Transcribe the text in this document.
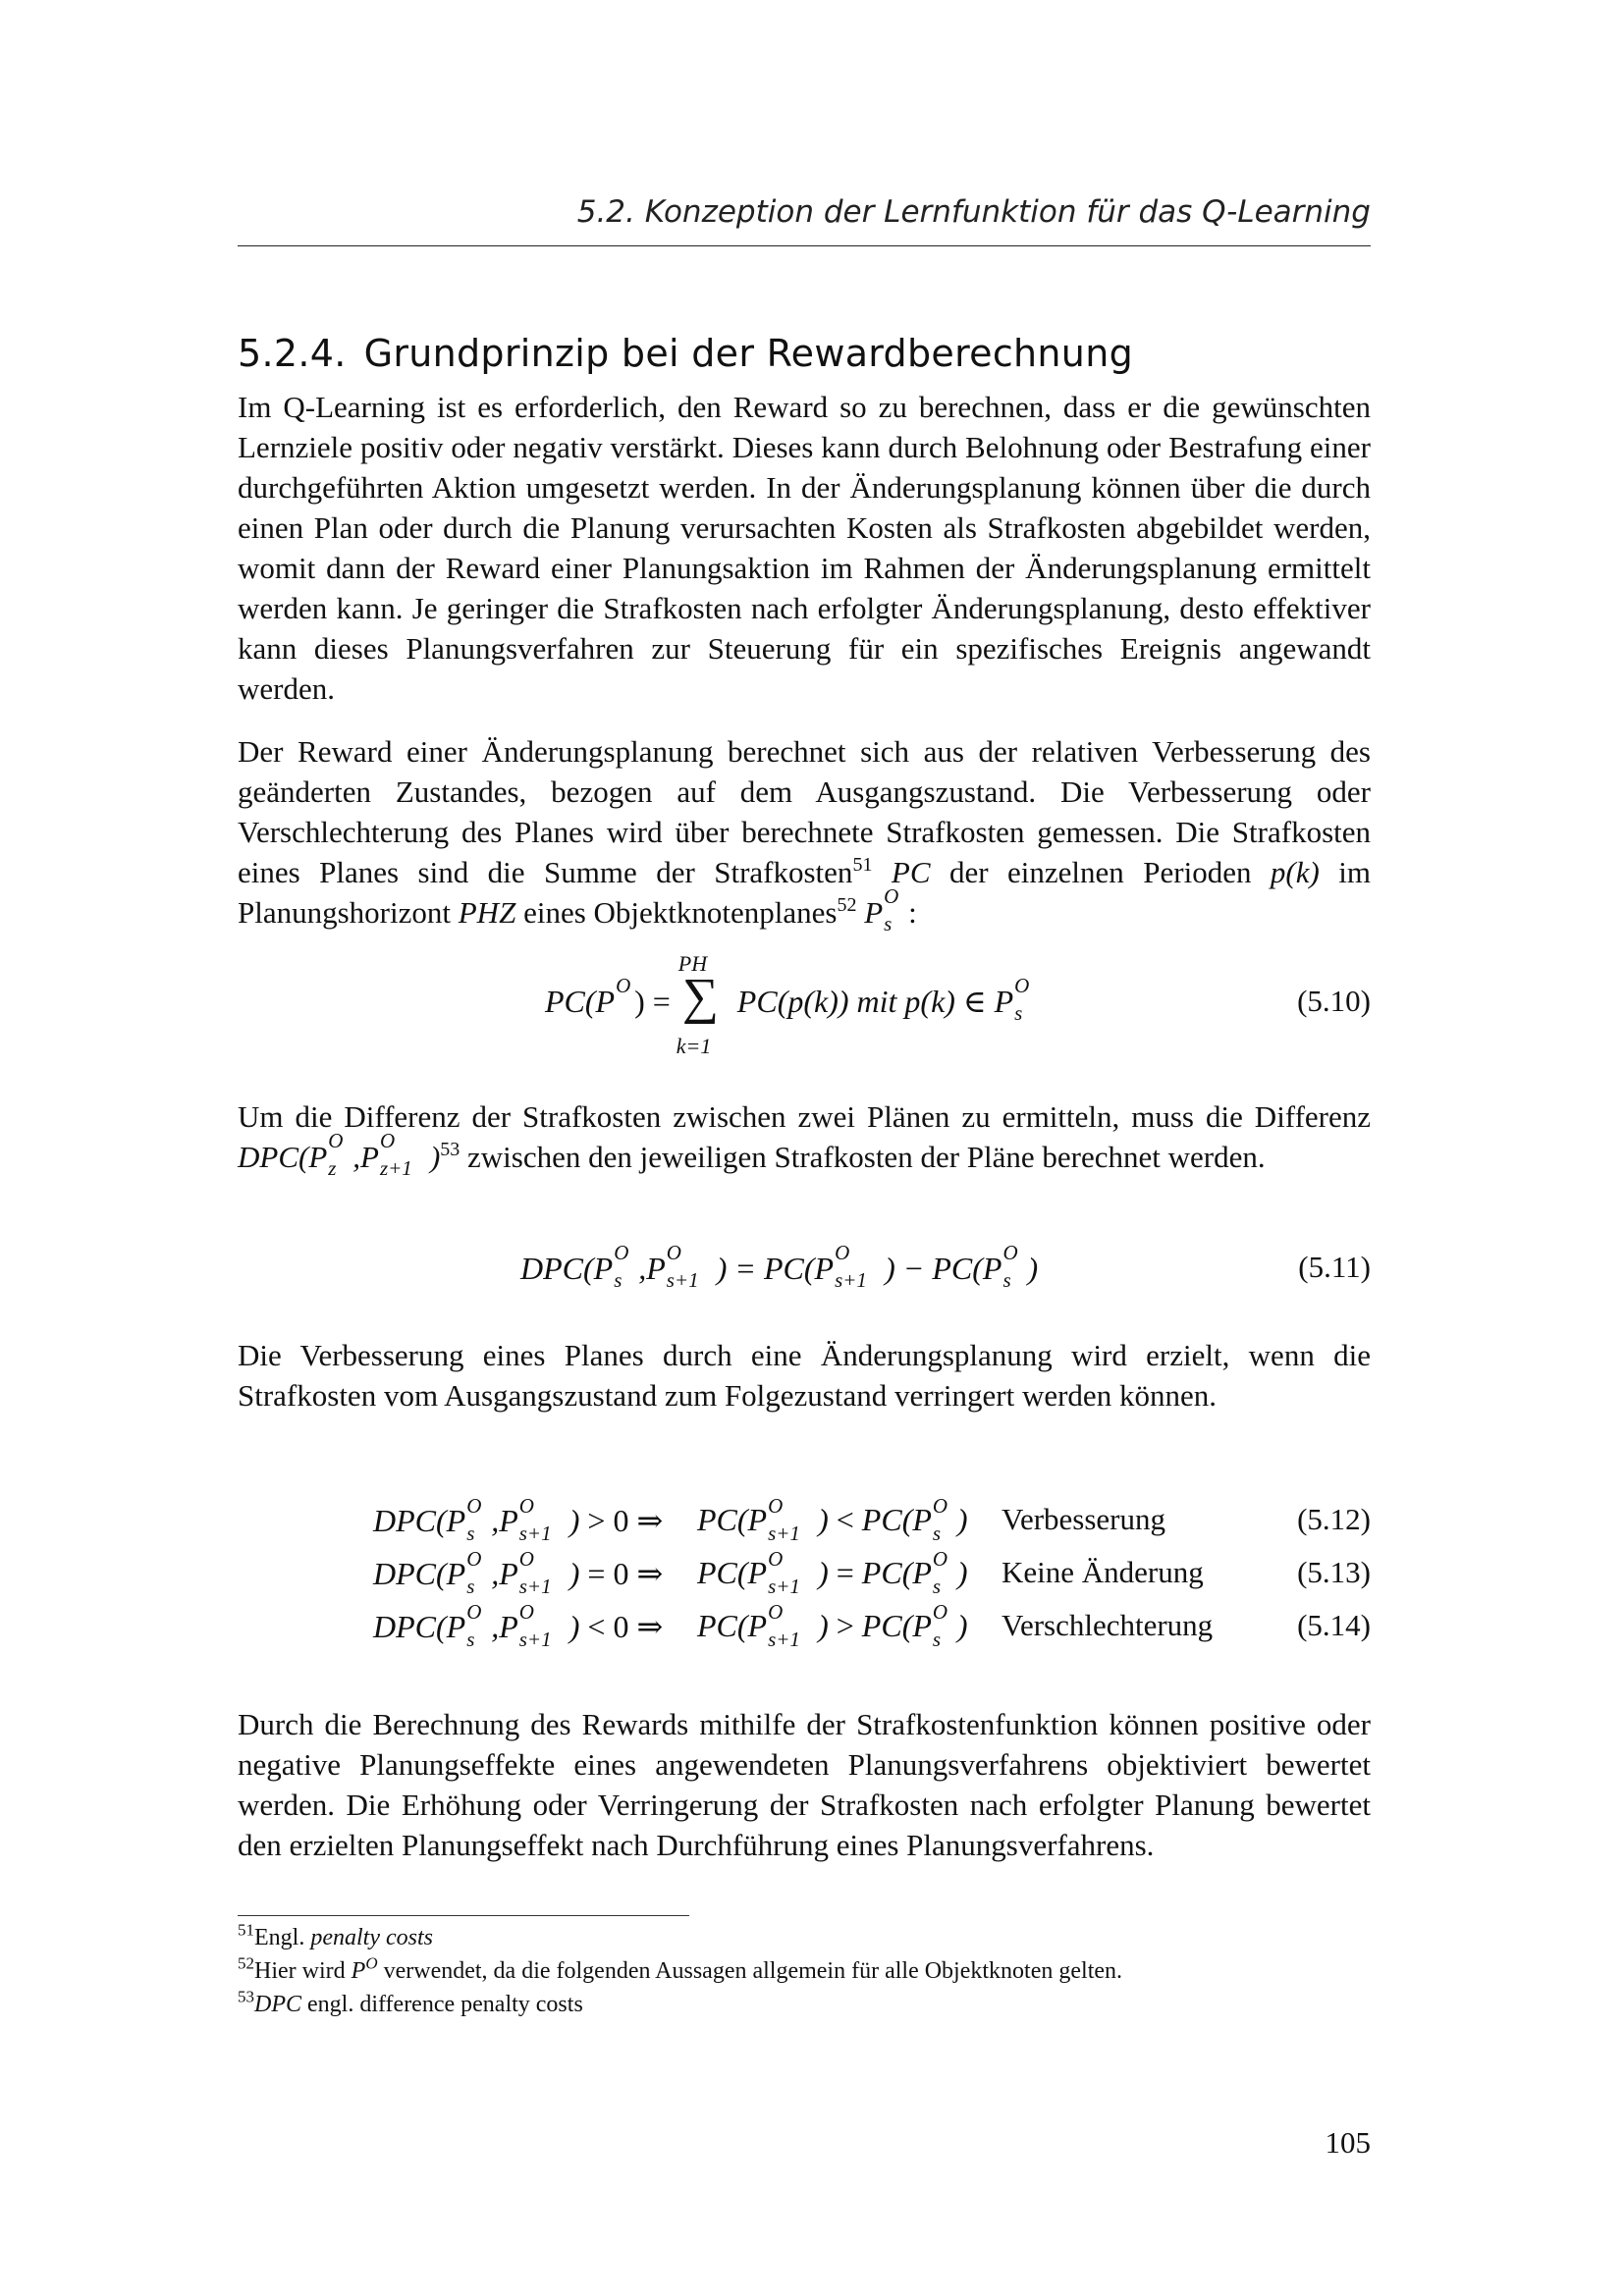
5.2. Konzeption der Lernfunktion für das Q-Learning
5.2.4. Grundprinzip bei der Rewardberechnung

Im Q-Learning ist es erforderlich, den Reward so zu berechnen, dass er die gewünschten Lernziele positiv oder negativ verstärkt. Dieses kann durch Belohnung oder Bestrafung einer durchgeführten Aktion umgesetzt werden. In der Änderungsplanung können über die durch einen Plan oder durch die Planung verursachten Kosten als Strafkosten abgebildet werden, womit dann der Reward einer Planungsaktion im Rahmen der Änderungsplanung ermittelt werden kann. Je geringer die Strafkosten nach erfolgter Änderungsplanung, desto effektiver kann dieses Planungsverfahren zur Steuerung für ein spezifisches Ereignis angewandt werden.

Der Reward einer Änderungsplanung berechnet sich aus der relativen Verbesserung des geänderten Zustandes, bezogen auf dem Ausgangszustand. Die Verbesserung oder Verschlechterung des Planes wird über berechnete Strafkosten gemessen. Die Strafkosten eines Planes sind die Summe der Strafkosten$^{51}$ PC der einzelnen Perioden p(k) im Planungshorizont PHZ eines Objektknotenplanes$^{52}$ P O
s :

PC(P O ) =
PH
∑
k=1
PC(p(k)) mit p(k) ∈ P O
s	(5.10)

Um die Differenz der Strafkosten zwischen zwei Plänen zu ermitteln, muss die Differenz DPC(P O
z ,P O
z+1 )$^{53}$ zwischen den jeweiligen Strafkosten der Pläne berechnet werden.

DPC(P O
s ,P O
s+1 ) = PC(P O
s+1 ) − PC(P O
s )	(5.11)

Die Verbesserung eines Planes durch eine Änderungsplanung wird erzielt, wenn die Strafkosten vom Ausgangszustand zum Folgezustand verringert werden können.

DPC(P O
s ,P O
s+1 ) > 0 ⇒ PC(P O
s+1 ) < PC(P O
s ) Verbesserung	(5.12)
DPC(P O
s ,P O
s+1 ) = 0 ⇒ PC(P O
s+1 ) = PC(P O
s ) Keine Änderung	(5.13)
DPC(P O
s ,P O
s+1 ) < 0 ⇒ PC(P O
s+1 ) > PC(P O
s ) Verschlechterung	(5.14)

Durch die Berechnung des Rewards mithilfe der Strafkostenfunktion können positive oder negative Planungseffekte eines angewendeten Planungsverfahrens objektiviert bewertet werden. Die Erhöhung oder Verringerung der Strafkosten nach erfolgter Planung bewertet den erzielten Planungseffekt nach Durchführung eines Planungsverfahrens.

$^{51}$Engl. penalty costs
$^{52}$Hier wird P$^O$ verwendet, da die folgenden Aussagen allgemein für alle Objektknoten gelten.
$^{53}$DPC engl. difference penalty costs
105
